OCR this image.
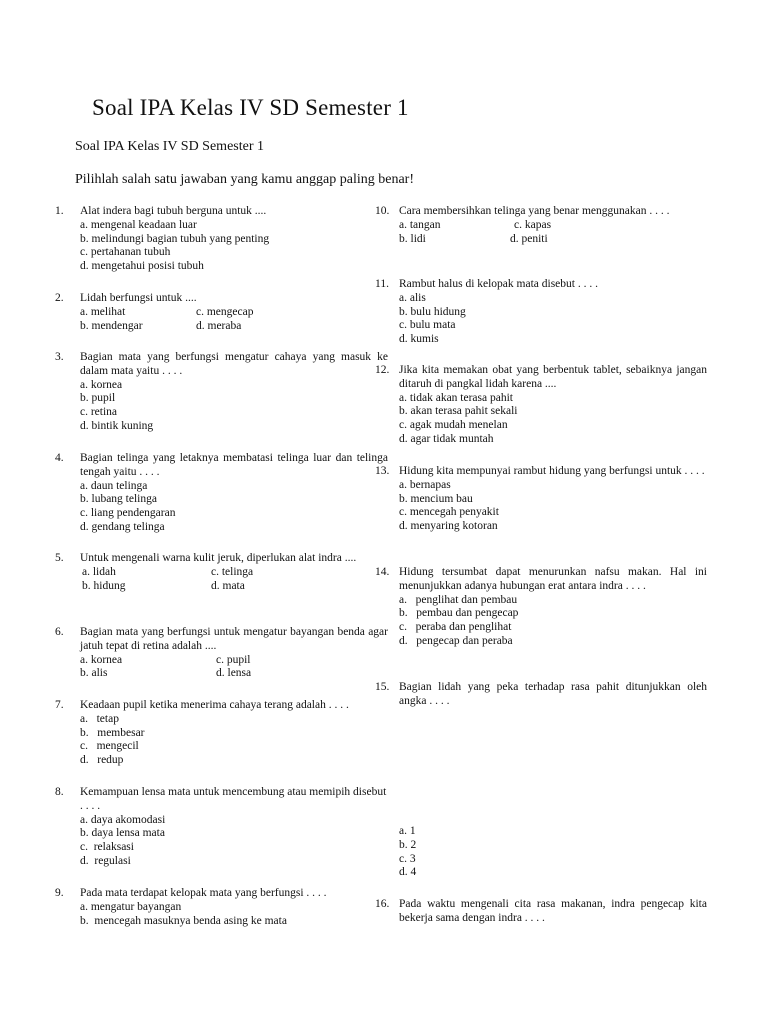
Soal IPA Kelas IV SD Semester 1
Soal IPA Kelas IV SD Semester 1
Pilihlah salah satu jawaban yang kamu anggap paling benar!
1. Alat indera bagi tubuh berguna untuk ....
a. mengenal keadaan luar
b. melindungi bagian tubuh yang penting
c. pertahanan tubuh
d. mengetahui posisi tubuh
2. Lidah berfungsi untuk ....
a. melihat	c. mengecap
b. mendengar	d. meraba
3. Bagian mata yang berfungsi mengatur cahaya yang masuk ke dalam mata yaitu . . . .
a. kornea
b. pupil
c. retina
d. bintik kuning
4. Bagian telinga yang letaknya membatasi telinga luar dan telinga tengah yaitu . . . .
a. daun telinga
b. lubang telinga
c. liang pendengaran
d. gendang telinga
5. Untuk mengenali warna kulit jeruk, diperlukan alat indra ....
a. lidah	c. telinga
b. hidung	d. mata
6. Bagian mata yang berfungsi untuk mengatur bayangan benda agar jatuh tepat di retina adalah ....
a. kornea	c. pupil
b. alis	d. lensa
7. Keadaan pupil ketika menerima cahaya terang adalah . . . .
a.   tetap
b.   membesar
c.   mengecil
d.   redup
8. Kemampuan lensa mata untuk mencembung atau memipih disebut . . . .
a. daya akomodasi
b. daya lensa mata
c.  relaksasi
d.  regulasi
9. Pada mata terdapat kelopak mata yang berfungsi . . . .
a. mengatur bayangan
b.  mencegah masuknya benda asing ke mata
10. Cara membersihkan telinga yang benar menggunakan . . . .
a. tangan	c. kapas
b. lidi	d. peniti
11. Rambut halus di kelopak mata disebut . . . .
a. alis
b. bulu hidung
c. bulu mata
d. kumis
12. Jika kita memakan obat yang berbentuk tablet, sebaiknya jangan ditaruh di pangkal lidah karena ....
a. tidak akan terasa pahit
b. akan terasa pahit sekali
c. agak mudah menelan
d. agar tidak muntah
13. Hidung kita mempunyai rambut hidung yang berfungsi untuk . . . .
a. bernapas
b. mencium bau
c. mencegah penyakit
d. menyaring kotoran
14. Hidung tersumbat dapat menurunkan nafsu makan. Hal ini menunjukkan adanya hubungan erat antara indra . . . .
a.   penglihat dan pembau
b.   pembau dan pengecap
c.   peraba dan penglihat
d.   pengecap dan peraba
15. Bagian lidah yang peka terhadap rasa pahit ditunjukkan oleh angka . . . .
a. 1
b. 2
c. 3
d. 4
16. Pada waktu mengenali cita rasa makanan, indra pengecap kita bekerja sama dengan indra . . . .
